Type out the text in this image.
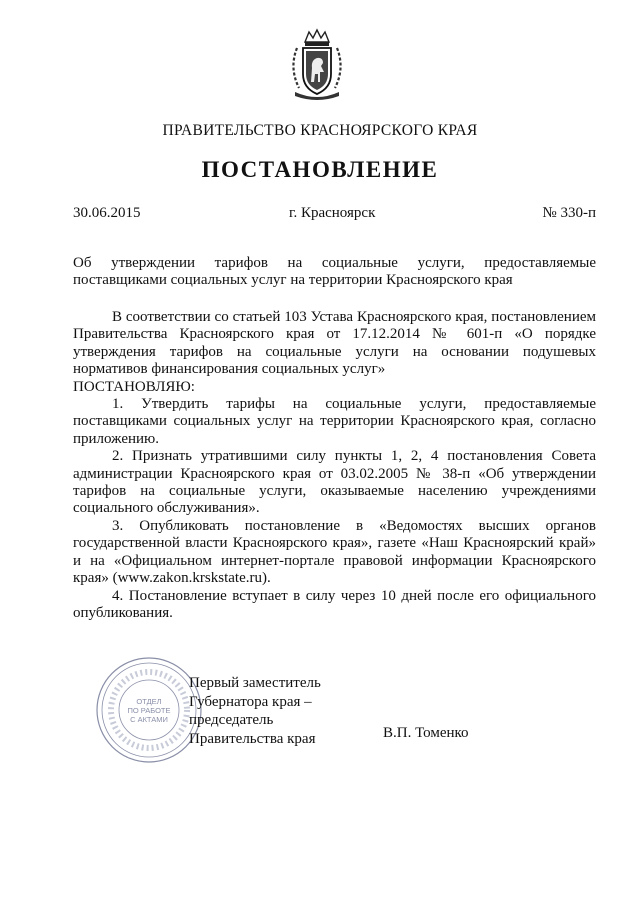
ПРАВИТЕЛЬСТВО КРАСНОЯРСКОГО КРАЯ
ПОСТАНОВЛЕНИЕ
30.06.2015	г. Красноярск	№ 330-п
Об утверждении тарифов на социальные услуги, предоставляемые поставщиками социальных услуг на территории Красноярского края

В соответствии со статьей 103 Устава Красноярского края, постановлением Правительства Красноярского края от 17.12.2014 № 601-п «О порядке утверждения тарифов на социальные услуги на основании подушевых нормативов финансирования социальных услуг»

ПОСТАНОВЛЯЮ:

1. Утвердить тарифы на социальные услуги, предоставляемые поставщиками социальных услуг на территории Красноярского края, согласно приложению.

2. Признать утратившими силу пункты 1, 2, 4 постановления Совета администрации Красноярского края от 03.02.2005 № 38-п «Об утверждении тарифов на социальные услуги, оказываемые населению учреждениями социального обслуживания».

3. Опубликовать постановление в «Ведомостях высших органов государственной власти Красноярского края», газете «Наш Красноярский край» и на «Официальном интернет-портале правовой информации Красноярского края» (www.zakon.krskstate.ru).

4. Постановление вступает в силу через 10 дней после его официального опубликования.

ОТДЕЛ
ПО РАБОТЕ
С АКТАМИ
Первый заместитель
Губернатора края –
председатель
Правительства края	В.П. Томенко
